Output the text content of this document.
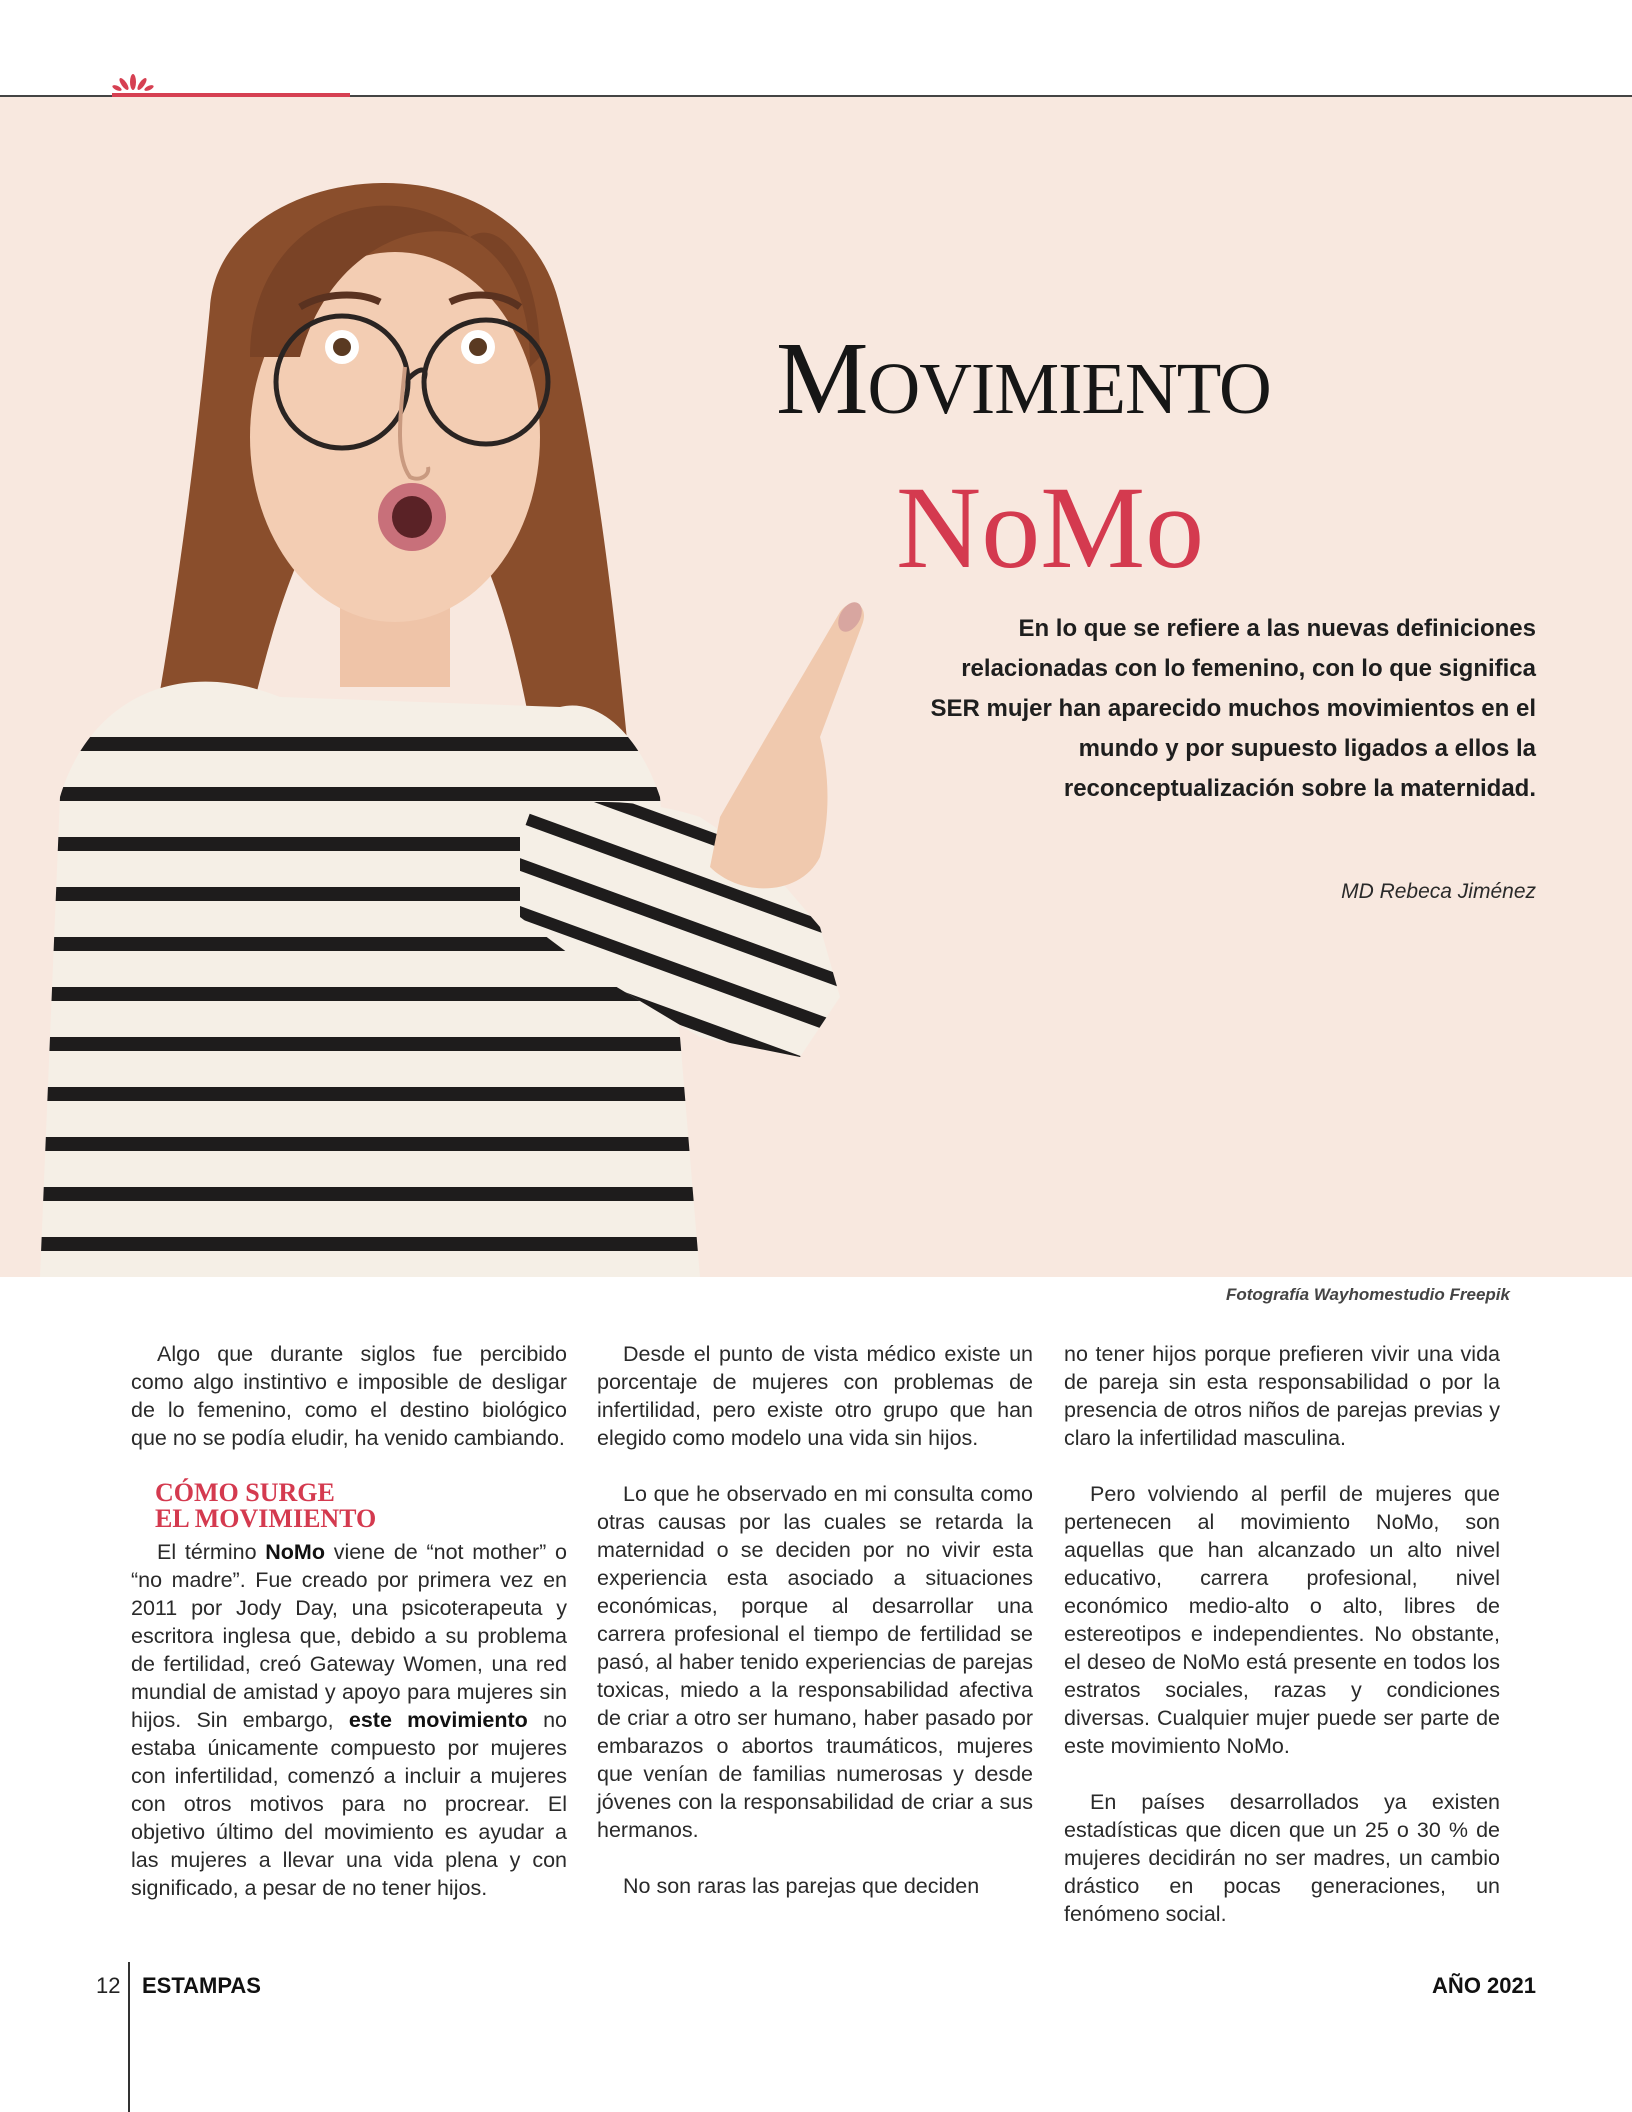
Movimiento
NoMo
En lo que se refiere a las nuevas definiciones relacionadas con lo femenino, con lo que significa SER mujer han aparecido muchos movimientos en el mundo y por supuesto ligados a ellos la reconceptualización sobre la maternidad.
MD Rebeca Jiménez
Fotografía Wayhomestudio Freepik

Algo que durante siglos fue percibido como algo instintivo e imposible de desligar de lo femenino, como el destino biológico que no se podía eludir, ha venido cambiando.

CÓMO SURGE
EL MOVIMIENTO

El término NoMo viene de “not mother” o “no madre”. Fue creado por primera vez en 2011 por Jody Day, una psicoterapeuta y escritora inglesa que, debido a su problema de fertilidad, creó Gateway Women, una red mundial de amistad y apoyo para mujeres sin hijos. Sin embargo, este movimiento no estaba únicamente compuesto por mujeres con infertilidad, comenzó a incluir a mujeres con otros motivos para no procrear. El objetivo último del movimiento es ayudar a las mujeres a llevar una vida plena y con significado, a pesar de no tener hijos.

Desde el punto de vista médico existe un porcentaje de mujeres con problemas de infertilidad, pero existe otro grupo que han elegido como modelo una vida sin hijos.

Lo que he observado en mi consulta como otras causas por las cuales se retarda la maternidad o se deciden por no vivir esta experiencia esta asociado a situaciones económicas, porque al desarrollar una carrera profesional el tiempo de fertilidad se pasó, al haber tenido experiencias de parejas toxicas, miedo a la responsabilidad afectiva de criar a otro ser humano, haber pasado por embarazos o abortos traumáticos, mujeres que venían de familias numerosas y desde jóvenes con la responsabilidad de criar a sus hermanos.

No son raras las parejas que deciden

no tener hijos porque prefieren vivir una vida de pareja sin esta responsabilidad o por la presencia de otros niños de parejas previas y claro la infertilidad masculina.

Pero volviendo al perfil de mujeres que pertenecen al movimiento NoMo, son aquellas que han alcanzado un alto nivel educativo, carrera profesional, nivel económico medio-alto o alto, libres de estereotipos e independientes. No obstante, el deseo de NoMo está presente en todos los estratos sociales, razas y condiciones diversas. Cualquier mujer puede ser parte de este movimiento NoMo.

En países desarrollados ya existen estadísticas que dicen que un 25 o 30 % de mujeres decidirán no ser madres, un cambio drástico en pocas generaciones, un fenómeno social.

12 ESTAMPAS	AÑO 2021
